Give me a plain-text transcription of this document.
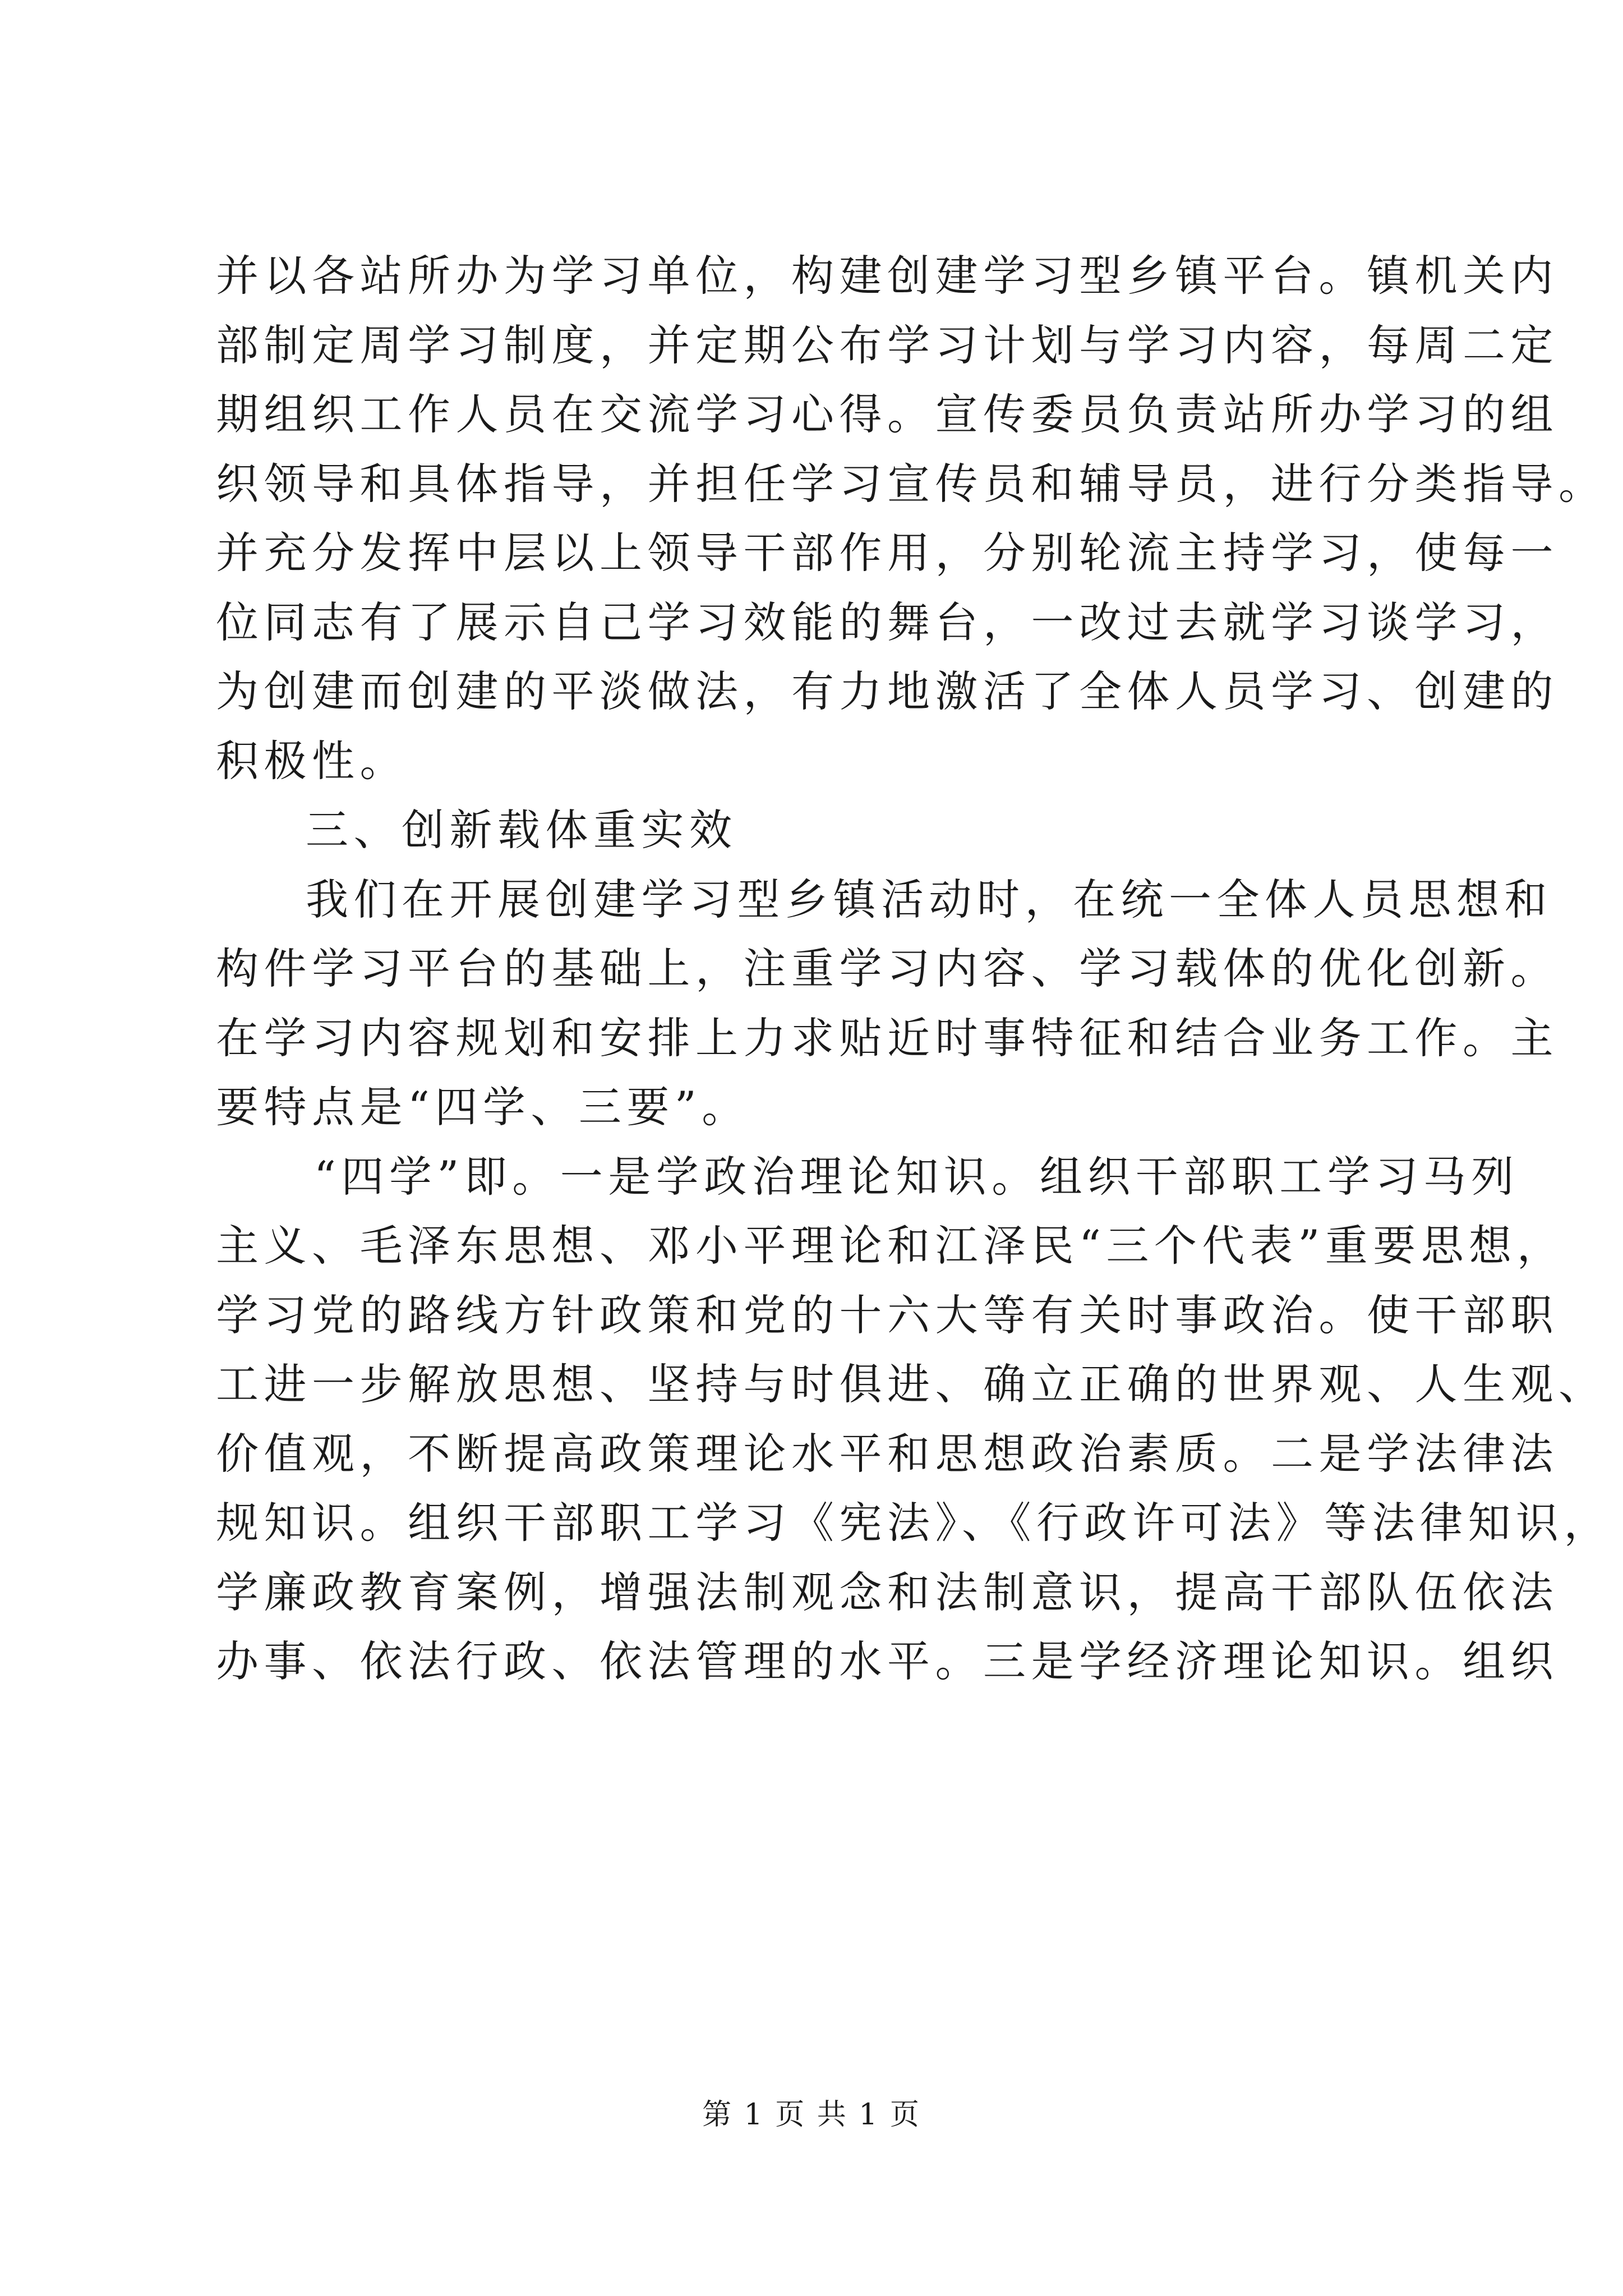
并以各站所办为学习单位，构建创建学习型乡镇平台。镇机关内
部制定周学习制度，并定期公布学习计划与学习内容，每周二定
期组织工作人员在交流学习心得。宣传委员负责站所办学习的组
织领导和具体指导，并担任学习宣传员和辅导员，进行分类指导。
并充分发挥中层以上领导干部作用，分别轮流主持学习，使每一
位同志有了展示自己学习效能的舞台，一改过去就学习谈学习，
为创建而创建的平淡做法，有力地激活了全体人员学习、创建的
积极性。
三、创新载体重实效
我们在开展创建学习型乡镇活动时，在统一全体人员思想和
构件学习平台的基础上，注重学习内容、学习载体的优化创新。
在学习内容规划和安排上力求贴近时事特征和结合业务工作。主
要特点是“四学、三要”。
“四学”即。一是学政治理论知识。组织干部职工学习马列
主义、毛泽东思想、邓小平理论和江泽民“三个代表”重要思想，
学习党的路线方针政策和党的十六大等有关时事政治。使干部职
工进一步解放思想、坚持与时俱进、确立正确的世界观、人生观、
价值观，不断提高政策理论水平和思想政治素质。二是学法律法
规知识。组织干部职工学习《宪法》、《行政许可法》等法律知识，
学廉政教育案例，增强法制观念和法制意识，提高干部队伍依法
办事、依法行政、依法管理的水平。三是学经济理论知识。组织
第 1 页 共 1 页
